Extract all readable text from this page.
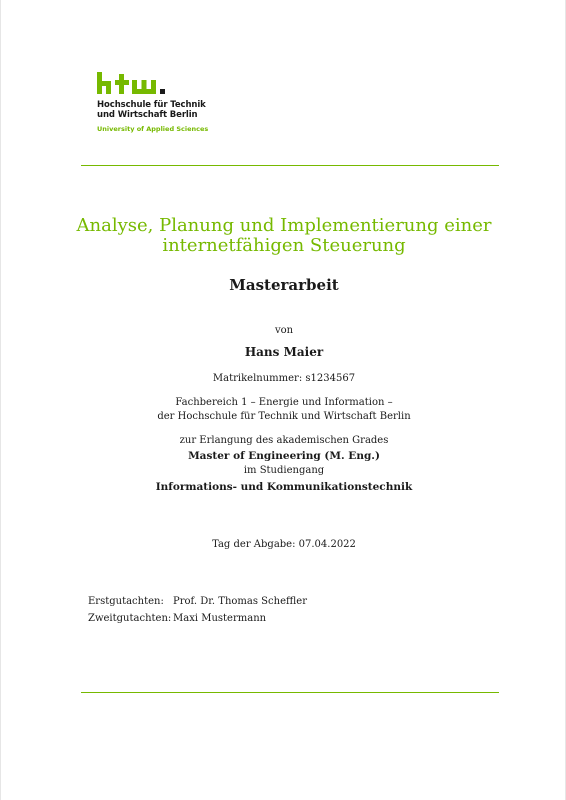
Hochschule für Technik
und Wirtschaft Berlin
University of Applied Sciences
Analyse, Planung und Implementierung einer
internetfähigen Steuerung
Masterarbeit
von
Hans Maier
Matrikelnummer: s1234567
Fachbereich 1 – Energie und Information –
der Hochschule für Technik und Wirtschaft Berlin
zur Erlangung des akademischen Grades
Master of Engineering (M. Eng.)
im Studiengang
Informations- und Kommunikationstechnik
Tag der Abgabe: 07.04.2022
Erstgutachten: Prof. Dr. Thomas Scheffler
Zweitgutachten: Maxi Mustermann
